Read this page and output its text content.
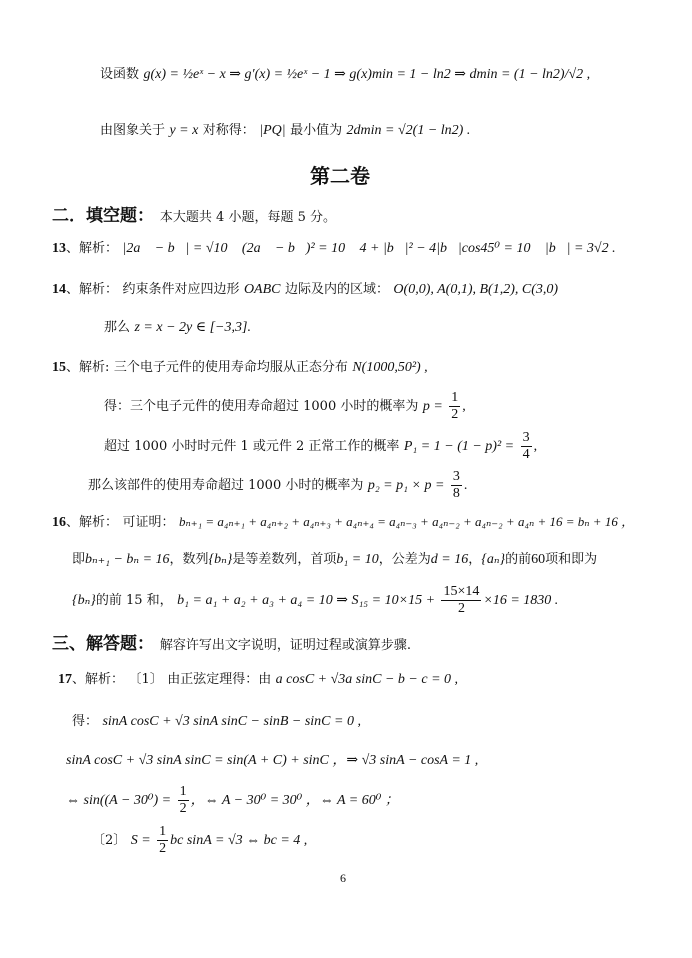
设函数 g(x) = ½eˣ − x ⇒ g′(x) = ½eˣ − 1 ⇒ g(x)min = 1 − ln2 ⇒ dmin = (1 − ln2)/√2 ,
由图象关于 y = x 对称得： |PQ| 最小值为 2dmin = √2(1 − ln2) .
第二卷
二．填空题： 本大题共 4 小题，每题 5 分。
13、解析： |2a⃗ − b⃗| = √10 ，(2a⃗ − b⃗)² = 10 ，4 + |b⃗|² − 4|b⃗|cos45⁰ = 10 ，|b⃗| = 3√2 .
14、解析： 约束条件对应四边形 OABC 边际及内的区域： O(0,0), A(0,1), B(1,2), C(3,0)
那么 z = x − 2y ∈ [−3,3].
15、解析: 三个电子元件的使用寿命均服从正态分布 N(1000,50²) ,
得：三个电子元件的使用寿命超过 1000 小时的概率为 $p = \frac{1}{2}$ ,
超过 1000 小时时元件 1 或元件 2 正常工作的概率 $P_1 = 1 - (1 - p)^2 = \frac{3}{4}$ ,
那么该部件的使用寿命超过 1000 小时的概率为 $p_2 = p_1 \times p = \frac{3}{8}$ .
16、解析： 可证明： bₙ₊₁ = a₄ₙ₊₁ + a₄ₙ₊₂ + a₄ₙ₊₃ + a₄ₙ₊₄ = a₄ₙ₋₃ + a₄ₙ₋₂ + a₄ₙ₋₂ + a₄ₙ + 16 = bₙ + 16 ，
即bₙ₊₁ − bₙ = 16，数列{bₙ}是等差数列，首项b₁ = 10，公差为d = 16，{aₙ}的前60项和即为
{bₙ}的前 15 和， b₁ = a₁ + a₂ + a₃ + a₄ = 10 ⇒ $S_{15} = 10\times 15 + \frac{15\times 14}{2} \times 16 = 1830$ .
三、解答题： 解容许写出文字说明，证明过程或演算步骤.
17、解析： 〔1〕 由正弦定理得：由 a cosC + √3a sinC − b − c = 0 ,
得： sinA cosC + √3 sinA sinC − sinB − sinC = 0 ,
sinA cosC + √3 sinA sinC = sin(A + C) + sinC ，⇒ √3 sinA − cosA = 1 ,
⇔ $\sin((A - 30^0) = \frac{1}{2}$ ，⇔ A − 30⁰ = 30⁰ ，⇔ A = 60⁰ ；
〔2〕 $S = \frac{1}{2}$ bc sinA = √3 ⇔ bc = 4 ,
6
